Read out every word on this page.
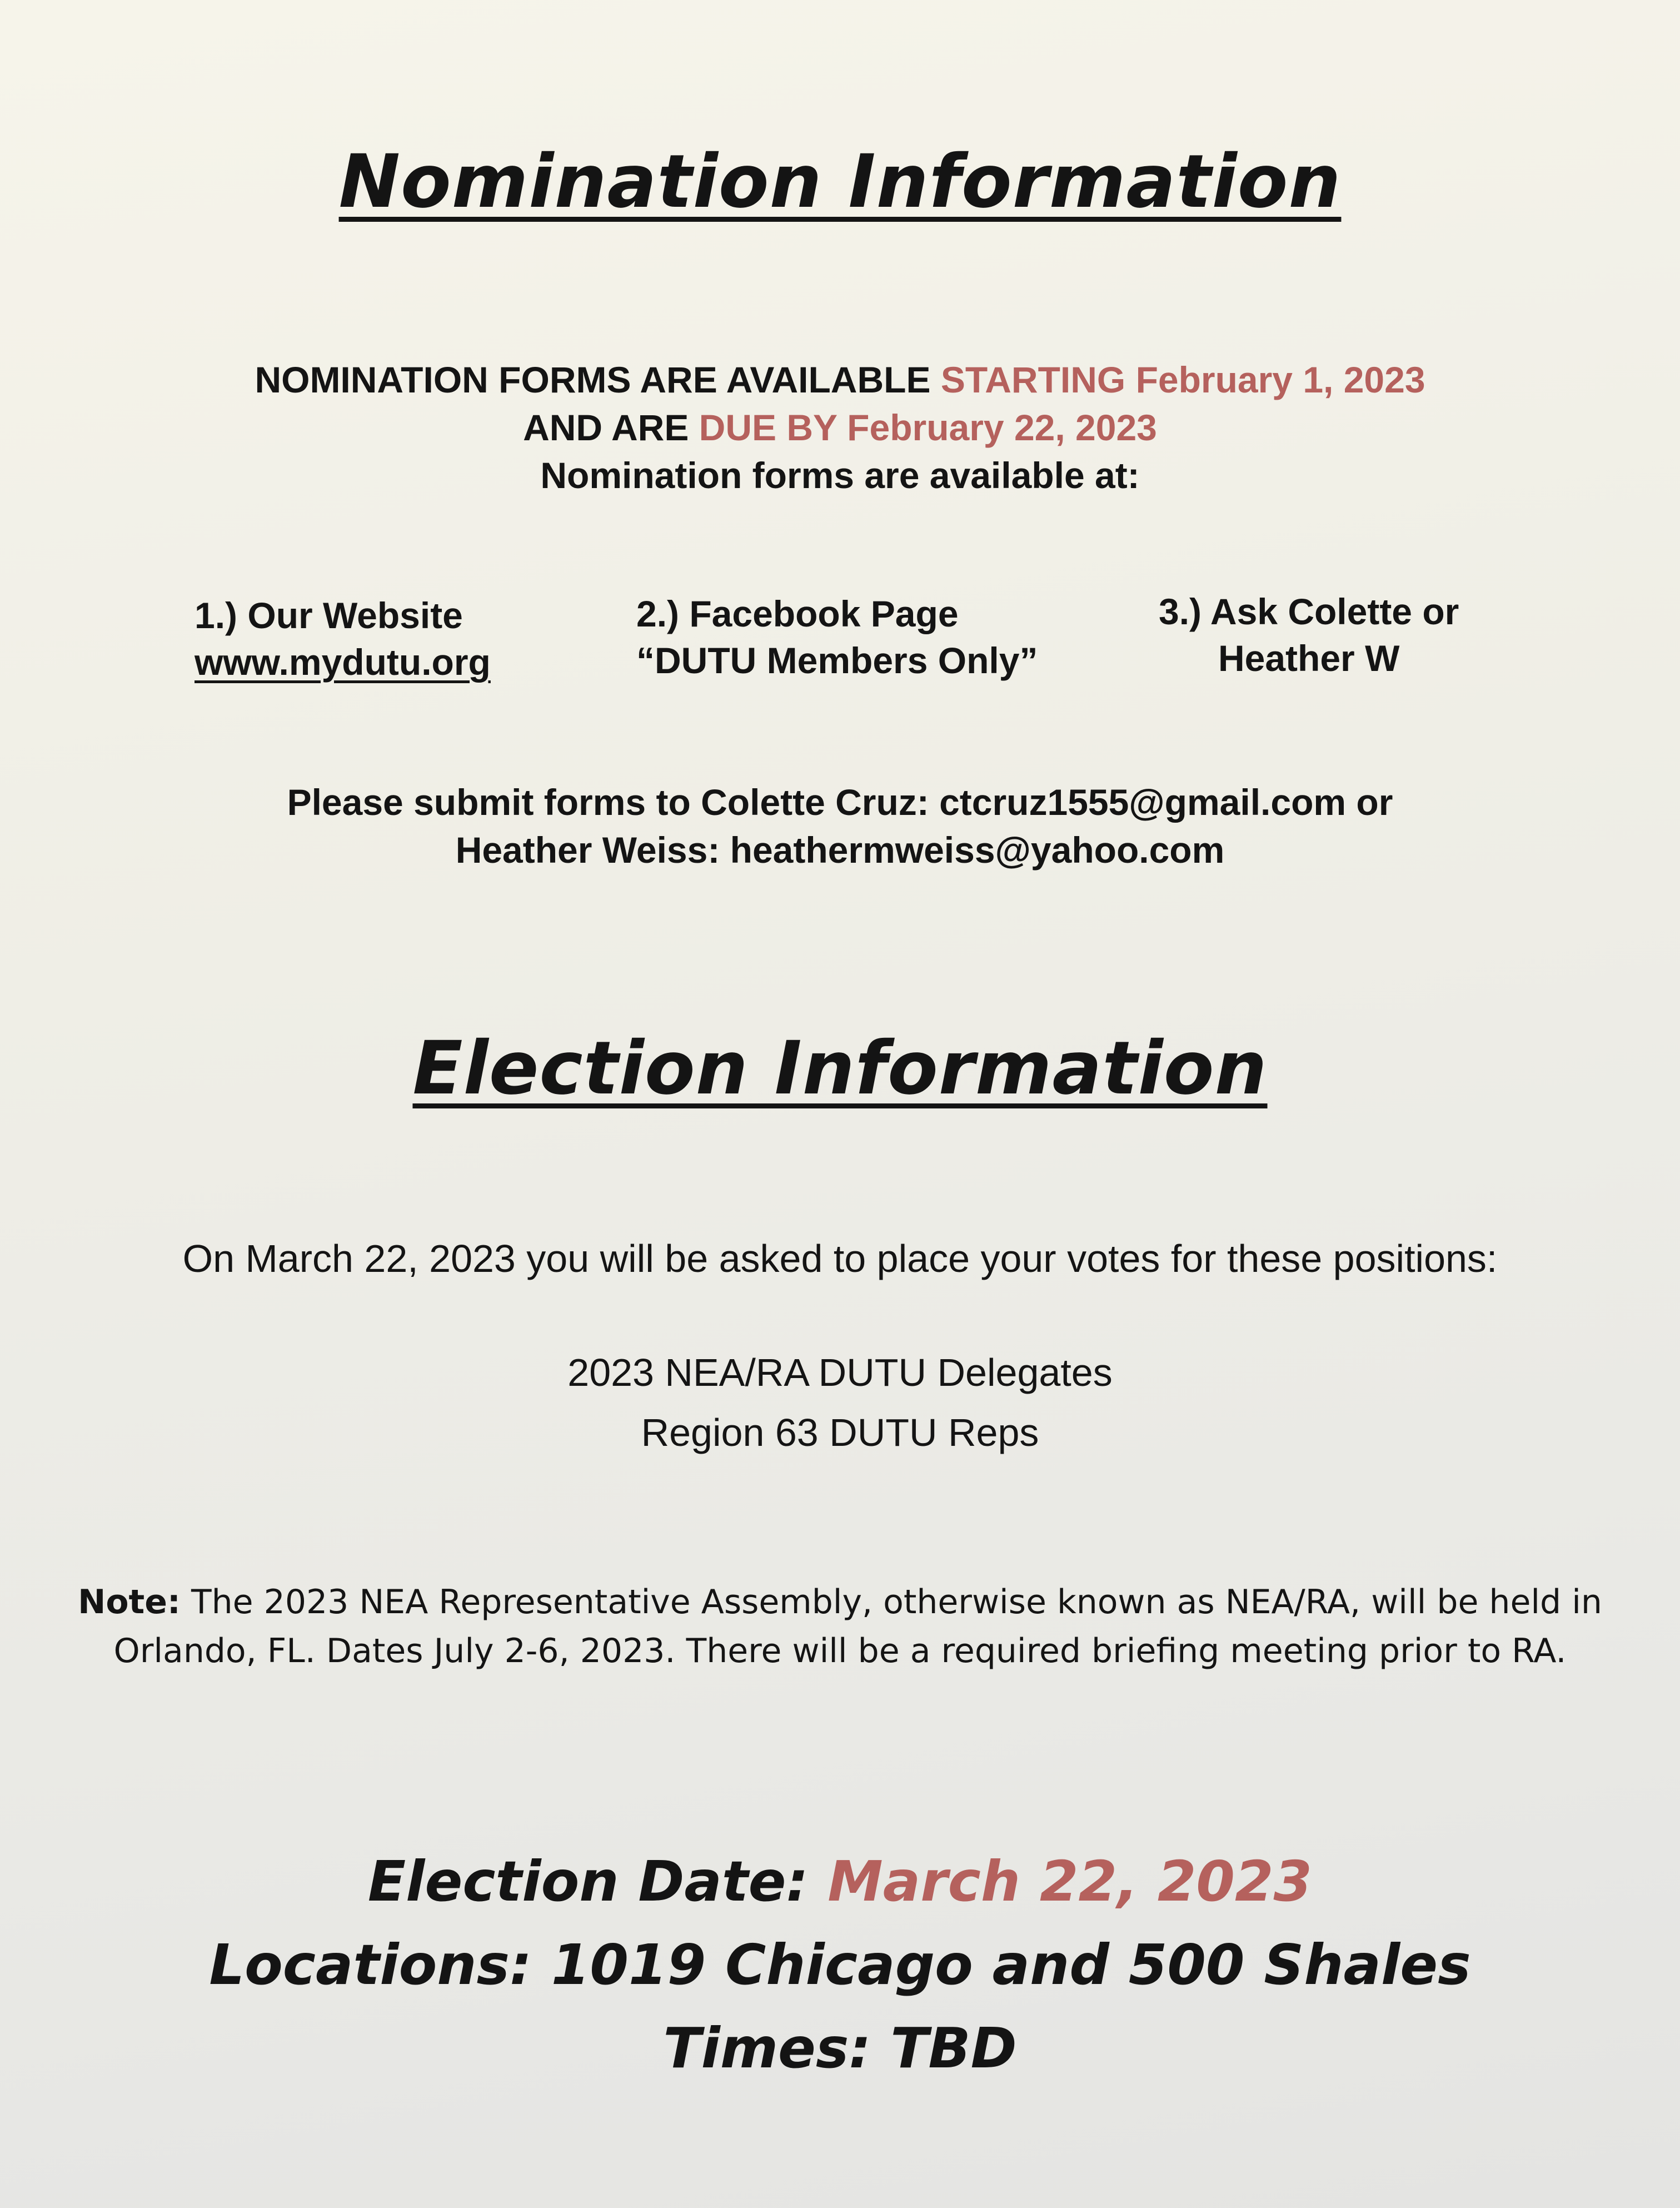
Nomination Information
NOMINATION FORMS ARE AVAILABLE STARTING February 1, 2023
AND ARE DUE BY February 22, 2023
Nomination forms are available at:
1.) Our Website
www.mydutu.org
2.) Facebook Page
“DUTU Members Only”
3.) Ask Colette or
Heather W
Please submit forms to Colette Cruz: ctcruz1555@gmail.com or
Heather Weiss: heathermweiss@yahoo.com
Election Information
On March 22, 2023 you will be asked to place your votes for these positions:
2023 NEA/RA DUTU Delegates
Region 63 DUTU Reps
Note: The 2023 NEA Representative Assembly, otherwise known as NEA/RA, will be held in
Orlando, FL. Dates July 2-6, 2023. There will be a required briefing meeting prior to RA.
Election Date: March 22, 2023
Locations: 1019 Chicago and 500 Shales
Times: TBD
